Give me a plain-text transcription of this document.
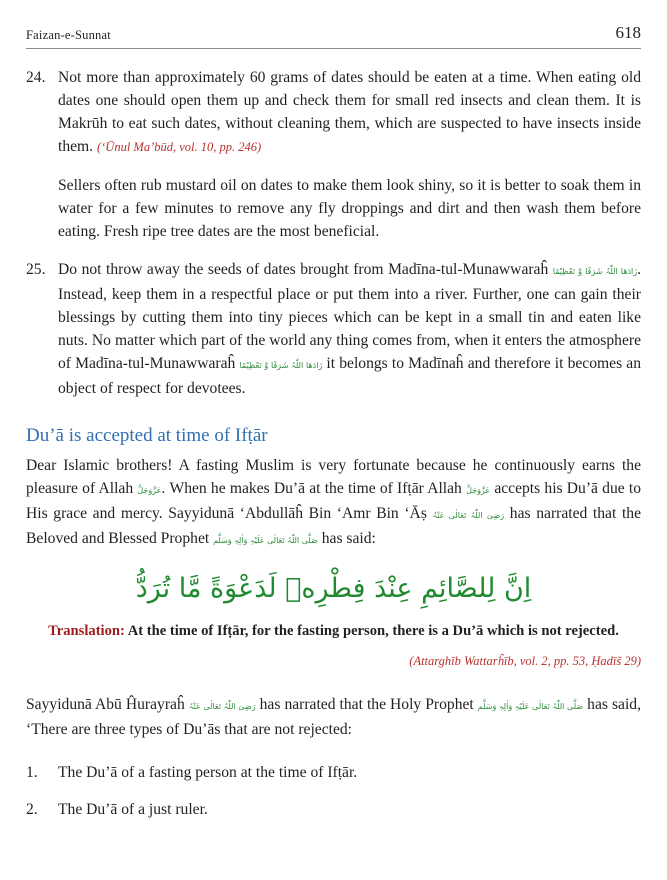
Faizan-e-Sunnat	618
24. Not more than approximately 60 grams of dates should be eaten at a time. When eating old dates one should open them up and check them for small red insects and clean them. It is Makrūh to eat such dates, without cleaning them, which are suspected to have insects inside them. (‘Ūnul Ma’būd, vol. 10, pp. 246)

Sellers often rub mustard oil on dates to make them look shiny, so it is better to soak them in water for a few minutes to remove any fly droppings and dirt and then wash them before eating. Fresh ripe tree dates are the most beneficial.

25. Do not throw away the seeds of dates brought from Madīna-tul-Munawwaraĥ زَادَھَا اللّٰہُ شَرَفًا وَّ تَعْظِیْمًا. Instead, keep them in a respectful place or put them into a river. Further, one can gain their blessings by cutting them into tiny pieces which can be kept in a small tin and eaten like nuts. No matter which part of the world any thing comes from, when it enters the atmosphere of Madīna-tul-Munawwaraĥ زَادَھَا اللّٰہُ شَرَفًا وَّ تَعْظِیْمًا it belongs to Madīnaĥ and therefore it becomes an object of respect for devotees.

Du’ā is accepted at time of Ifṭār

Dear Islamic brothers! A fasting Muslim is very fortunate because he continuously earns the pleasure of Allah عَزَّوَجَلَّ. When he makes Du’ā at the time of Ifṭār Allah عَزَّوَجَلَّ accepts his Du’ā due to His grace and mercy. Sayyidunā ‘Abdullāĥ Bin ‘Amr Bin ‘Āṣ رَضِیَ اللّٰہُ تَعَالٰی عَنْہُ has narrated that the Beloved and Blessed Prophet صَلَّی اللّٰہُ تَعَالٰی عَلَیْہِ وَاٰلِہٖ وَسَلَّم has said:

اِنَّ لِلصَّائِمِ عِنْدَ فِطْرِهٖ لَدَعْوَةً مَّا تُرَدُّ

Translation: At the time of Ifṭār, for the fasting person, there is a Du’ā which is not rejected.

(Attarghīb Wattarĥīb, vol. 2, pp. 53, Ḥadīš 29)

Sayyidunā Abū Ĥurayraĥ رَضِیَ اللّٰہُ تَعَالٰی عَنْہُ has narrated that the Holy Prophet صَلَّی اللّٰہُ تَعَالٰی عَلَیْہِ وَاٰلِہٖ وَسَلَّم has said, ‘There are three types of Du’ās that are not rejected:

1.	The Du’ā of a fasting person at the time of Ifṭār.
2.	The Du’ā of a just ruler.
